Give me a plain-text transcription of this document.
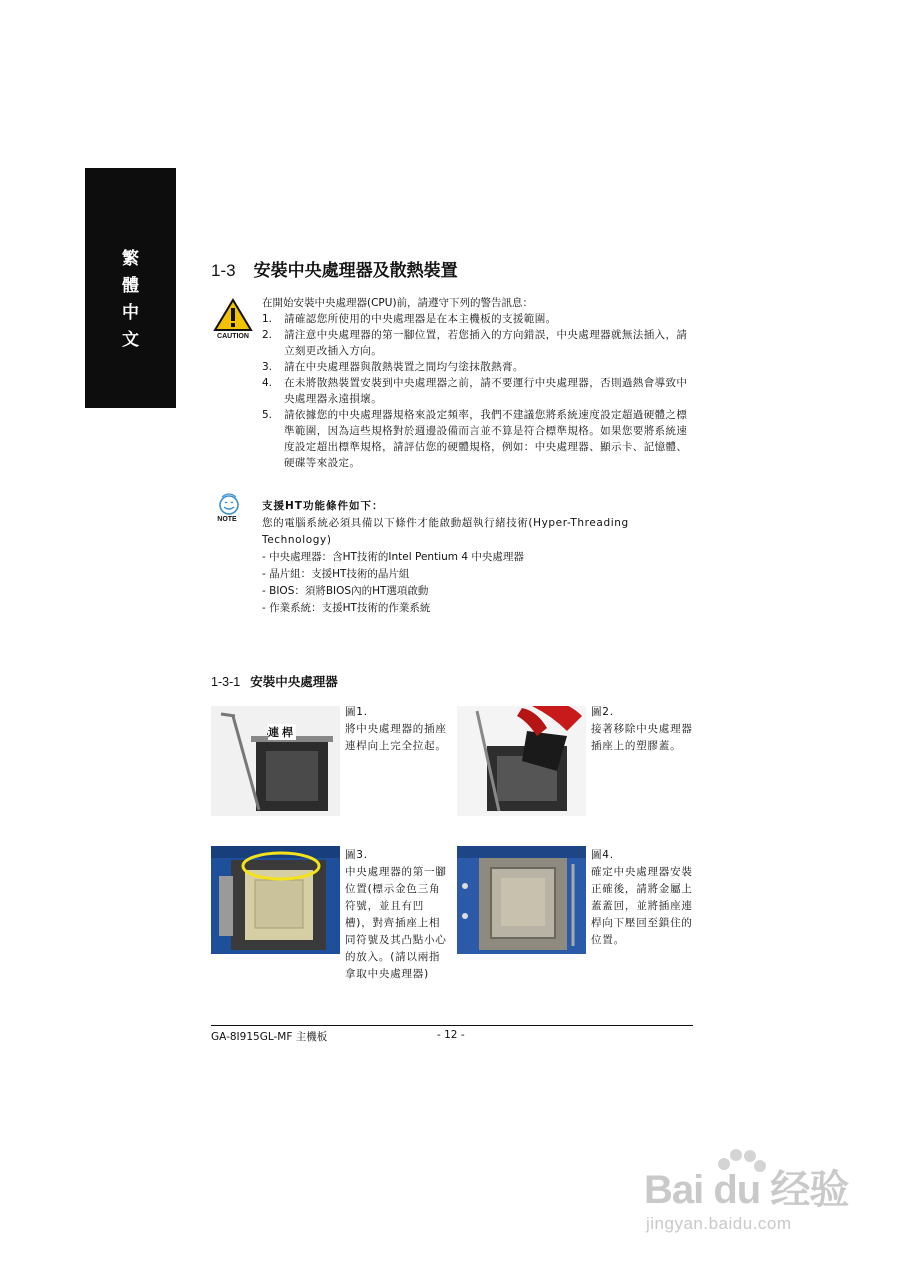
繁
體
中
文
1-3 安裝中央處理器及散熱裝置
CAUTION
在開始安裝中央處理器(CPU)前，請遵守下列的警告訊息：
1.	請確認您所使用的中央處理器是在本主機板的支援範圍。
2.	請注意中央處理器的第一腳位置，若您插入的方向錯誤，中央處理器就無法插入，請立刻更改插入方向。
3.	請在中央處理器與散熱裝置之間均勻塗抹散熱膏。
4.	在未將散熱裝置安裝到中央處理器之前，請不要運行中央處理器，否則過熱會導致中央處理器永遠損壞。
5.	請依據您的中央處理器規格來設定頻率，我們不建議您將系統速度設定超過硬體之標準範圍，因為這些規格對於週邊設備而言並不算是符合標準規格。如果您要將系統速度設定超出標準規格，請評估您的硬體規格，例如：中央處理器、顯示卡、記憶體、硬碟等來設定。
NOTE
支援HT功能條件如下：
您的電腦系統必須具備以下條件才能啟動超執行緒技術(Hyper-Threading Technology)
- 中央處理器：含HT技術的Intel Pentium 4 中央處理器
- 晶片組：支援HT技術的晶片組
- BIOS：須將BIOS內的HT選項啟動
- 作業系統：支援HT技術的作業系統
1-3-1 安裝中央處理器
連桿
圖1.
將中央處理器的插座連桿向上完全拉起。
圖2.
接著移除中央處理器插座上的塑膠蓋。
圖3.
中央處理器的第一腳位置(標示金色三角符號，並且有凹槽)，對齊插座上相同符號及其凸點小心的放入。(請以兩指拿取中央處理器)
圖4.
確定中央處理器安裝正確後，請將金屬上蓋蓋回，並將插座連桿向下壓回至鎖住的位置。
GA-8I915GL-MF 主機板	- 12 -
Bai du 经验
jingyan.baidu.com
